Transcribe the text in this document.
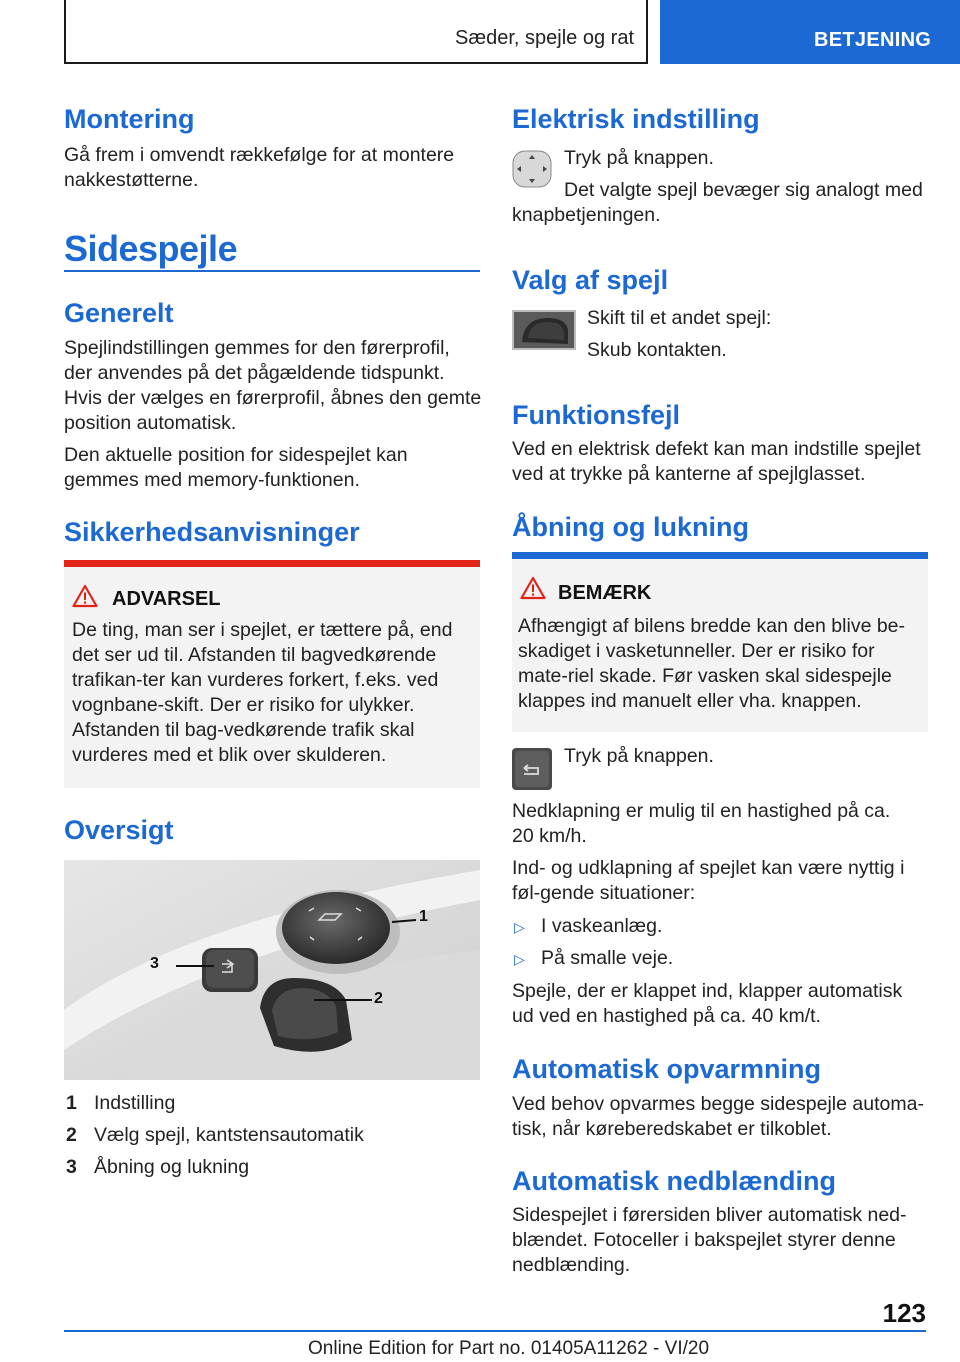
Sæder, spejle og rat	BETJENING
Montering

Gå frem i omvendt rækkefølge for at montere nakkestøtterne.

Sidespejle
Generelt

Spejlindstillingen gemmes for den førerprofil, der anvendes på det pågældende tidspunkt. Hvis der vælges en førerprofil, åbnes den gemte position automatisk.

Den aktuelle position for sidespejlet kan gemmes med memory-funktionen.

Sikkerhedsanvisninger
ADVARSEL

De ting, man ser i spejlet, er tættere på, end det ser ud til. Afstanden til bagvedkørende trafikan-ter kan vurderes forkert, f.eks. ved vognbane-skift. Der er risiko for ulykker. Afstanden til bag-vedkørende trafik skal vurderes med et blik over skulderen.

Oversigt
1
2
3
1 Indstilling
2 Vælg spejl, kantstensautomatik
3 Åbning og lukning
Elektrisk indstilling

Tryk på knappen.

Det valgte spejl bevæger sig analogt med

knapbetjeningen.

Valg af spejl

Skift til et andet spejl:

Skub kontakten.

Funktionsfejl

Ved en elektrisk defekt kan man indstille spejlet ved at trykke på kanterne af spejlglasset.

Åbning og lukning
BEMÆRK

Afhængigt af bilens bredde kan den blive be-skadiget i vasketunneller. Der er risiko for mate-riel skade. Før vasken skal sidespejle klappes ind manuelt eller vha. knappen.

Tryk på knappen.

Nedklapning er mulig til en hastighed på ca. 20 km/h.

Ind- og udklapning af spejlet kan være nyttig i føl-gende situationer:

▷ I vaskeanlæg.

▷ På smalle veje.

Spejle, der er klappet ind, klapper automatisk ud ved en hastighed på ca. 40 km/t.

Automatisk opvarmning

Ved behov opvarmes begge sidespejle automa-tisk, når køreberedskabet er tilkoblet.

Automatisk nedblænding

Sidespejlet i førersiden bliver automatisk ned-blændet. Fotoceller i bakspejlet styrer denne nedblænding.

123
Online Edition for Part no. 01405A11262 - VI/20
